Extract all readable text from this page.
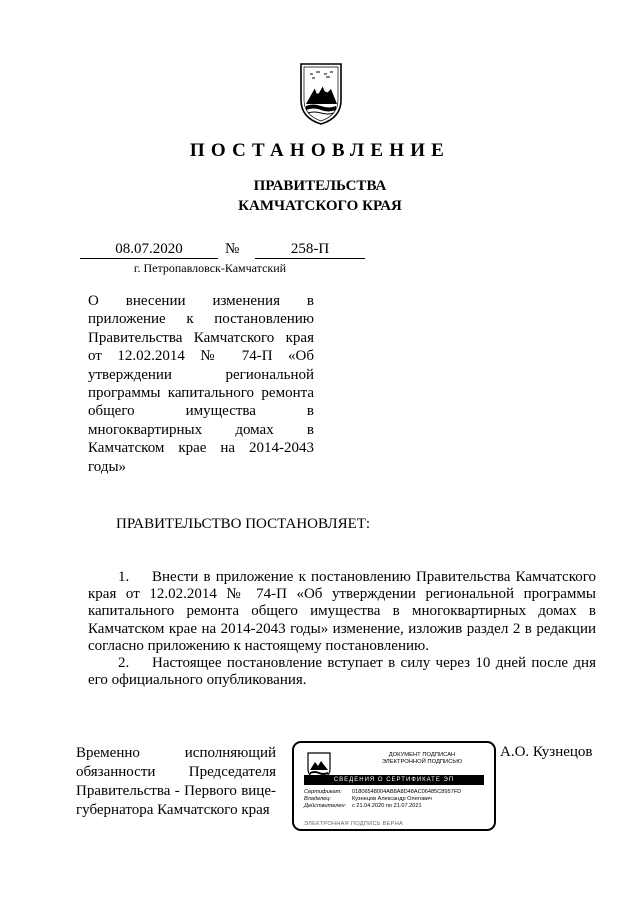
ПОСТАНОВЛЕНИЕ
ПРАВИТЕЛЬСТВА
КАМЧАТСКОГО КРАЯ
08.07.2020	№	258-П
г. Петропавловск-Камчатский
О внесении изменения в приложение к постановлению Правительства Камчатского края от 12.02.2014 № 74-П «Об утверждении региональной программы капитального ремонта общего имущества в многоквартирных домах в Камчатском крае на 2014-2043 годы»
ПРАВИТЕЛЬСТВО ПОСТАНОВЛЯЕТ:

1. Внести в приложение к постановлению Правительства Камчатского края от 12.02.2014 № 74-П «Об утверждении региональной программы капитального ремонта общего имущества в многоквартирных домах в Камчатском крае на 2014-2043 годы» изменение, изложив раздел 2 в редакции согласно приложению к настоящему постановлению.

2. Настоящее постановление вступает в силу через 10 дней после дня его официального опубликования.

Временно исполняющий обязанности Председателя Правительства - Первого вице-губернатора Камчатского края
А.О. Кузнецов
ДОКУМЕНТ ПОДПИСАН
ЭЛЕКТРОННОЙ ПОДПИСЬЮ
СВЕДЕНИЯ О СЕРТИФИКАТЕ ЭП
Сертификат: 01806548004AB8A8D48AC06485C8957FD
Владелец:	Кузнецов Александр Олегович
Действителен: с 21.04.2020 по 21.07.2021
ЭЛЕКТРОННАЯ ПОДПИСЬ ВЕРНА
